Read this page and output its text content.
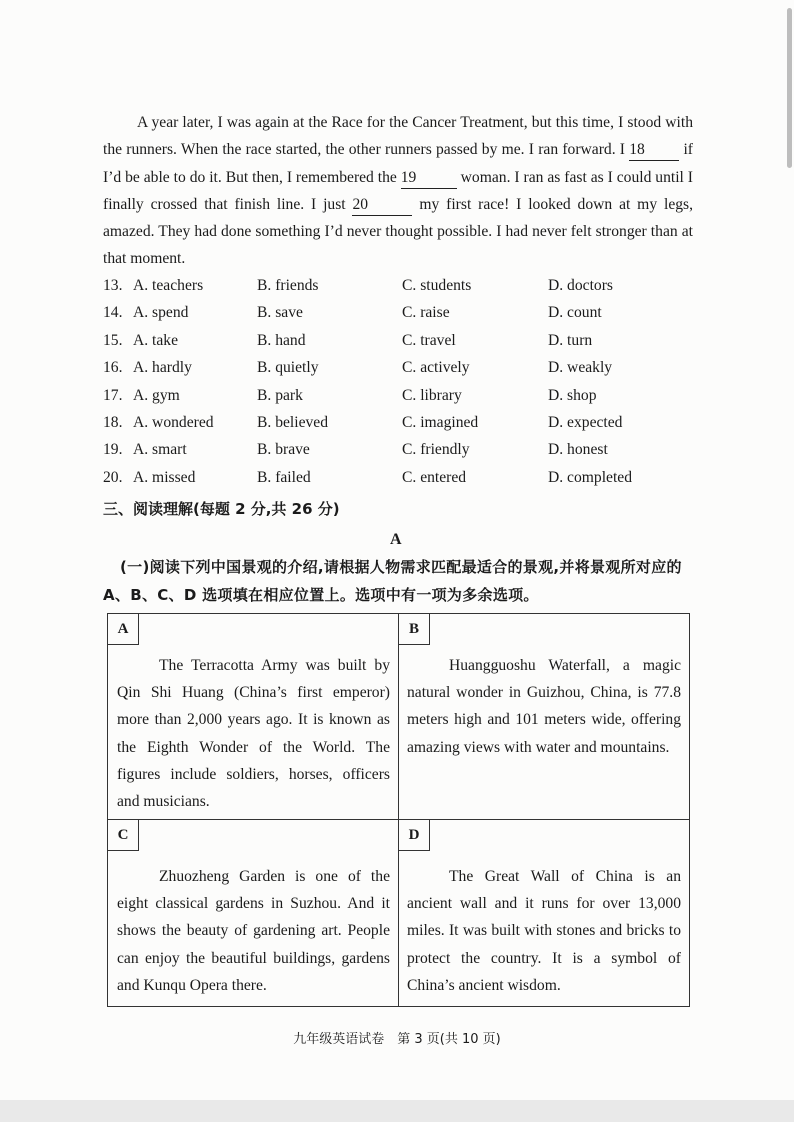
A year later, I was again at the Race for the Cancer Treatment, but this time, I stood with the runners. When the race started, the other runners passed by me. I ran forward. I 18 if I’d be able to do it. But then, I remembered the 19	woman. I ran as fast as I could until I finally crossed that finish line. I just 20	my first race! I looked down at my legs, amazed. They had done something I’d never thought possible. I had never felt stronger than at that moment.
13. A. teachers	B. friends	C. students	D. doctors
14. A. spend	B. save	C. raise	D. count
15. A. take	B. hand	C. travel	D. turn
16. A. hardly	B. quietly	C. actively	D. weakly
17. A. gym	B. park	C. library	D. shop
18. A. wondered	B. believed	C. imagined	D. expected
19. A. smart	B. brave	C. friendly	D. honest
20. A. missed	B. failed	C. entered	D. completed
三、阅读理解(每题 2 分,共 26 分)
A
(一)阅读下列中国景观的介绍,请根据人物需求匹配最适合的景观,并将景观所对应的 A、B、C、D 选项填在相应位置上。选项中有一项为多余选项。
A
The Terracotta Army was built by Qin Shi Huang (China’s first emperor) more than 2,000 years ago. It is known as the Eighth Wonder of the World. The figures include soldiers, horses, officers and musicians.
B
Huangguoshu Waterfall, a magic natural wonder in Guizhou, China, is 77.8 meters high and 101 meters wide, offering amazing views with water and mountains.
C
Zhuozheng Garden is one of the eight classical gardens in Suzhou. And it shows the beauty of gardening art. People can enjoy the beautiful buildings, gardens and Kunqu Opera there.
D
The Great Wall of China is an ancient wall and it runs for over 13,000 miles. It was built with stones and bricks to protect the country. It is a symbol of China’s ancient wisdom.
九年级英语试卷　第 3 页(共 10 页)
